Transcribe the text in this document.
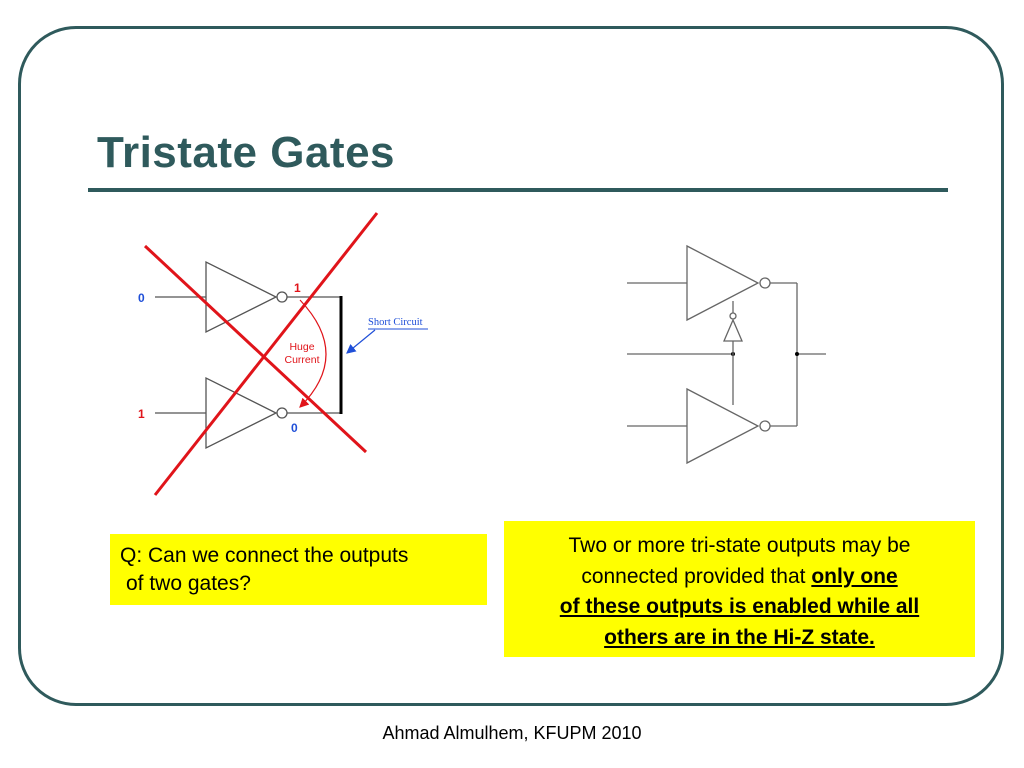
Tristate Gates
0
1
1
0
Huge
Current
Short Circuit
Q: Can we connect the outputs
of two gates?
Two or more tri-state outputs may be
connected provided that only one
of these outputs is enabled while all
others are in the Hi-Z state.
Ahmad Almulhem, KFUPM 2010
